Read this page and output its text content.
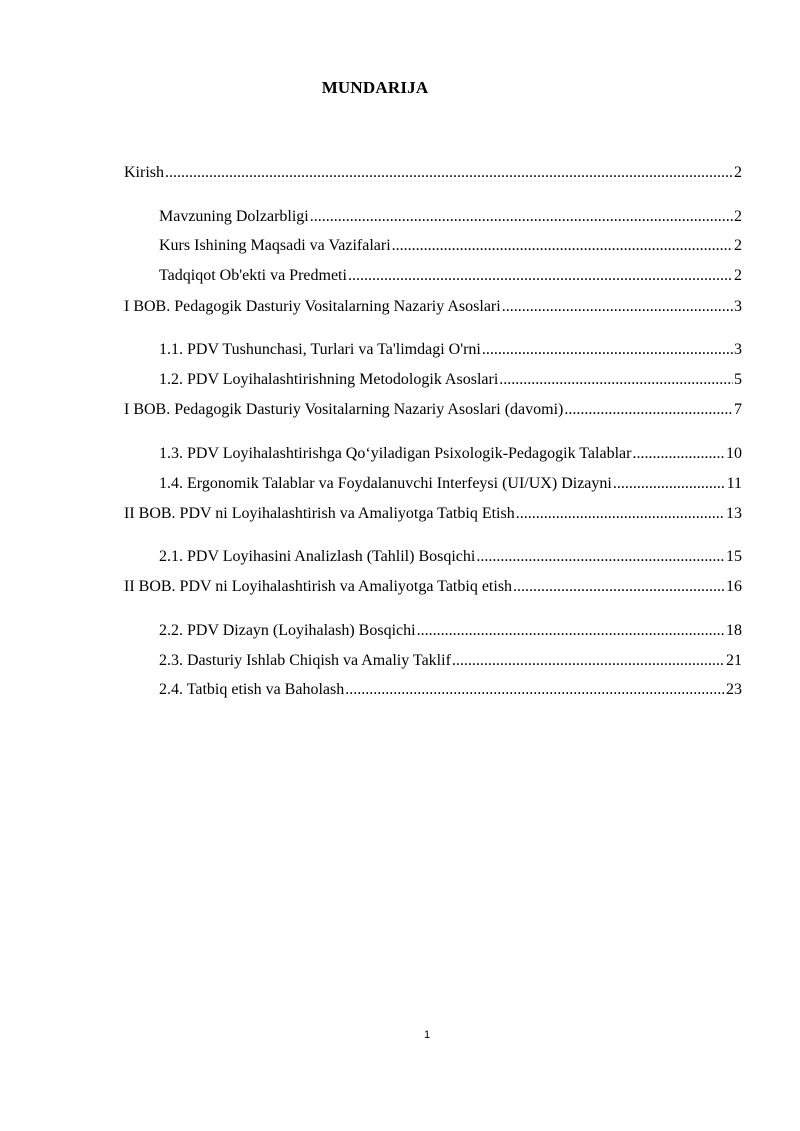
MUNDARIJA
Kirish .....	2
Mavzuning Dolzarbligi .....	2
Kurs Ishining Maqsadi va Vazifalari .....	2
Tadqiqot Ob'ekti va Predmeti .....	2
I BOB. Pedagogik Dasturiy Vositalarning Nazariy Asoslari .....	3
1.1. PDV Tushunchasi, Turlari va Ta'limdagi O'rni .....	3
1.2. PDV Loyihalashtirishning Metodologik Asoslari .....	5
I BOB. Pedagogik Dasturiy Vositalarning Nazariy Asoslari (davomi) .....	7
1.3. PDV Loyihalashtirishga Qo‘yiladigan Psixologik-Pedagogik Talablar .....	10
1.4. Ergonomik Talablar va Foydalanuvchi Interfeysi (UI/UX) Dizayni .....	11
II BOB. PDV ni Loyihalashtirish va Amaliyotga Tatbiq Etish .....	13
2.1. PDV Loyihasini Analizlash (Tahlil) Bosqichi .....	15
II BOB. PDV ni Loyihalashtirish va Amaliyotga Tatbiq etish .....	16
2.2. PDV Dizayn (Loyihalash) Bosqichi .....	18
2.3. Dasturiy Ishlab Chiqish va Amaliy Taklif .....	21
2.4. Tatbiq etish va Baholash .....	23
1
